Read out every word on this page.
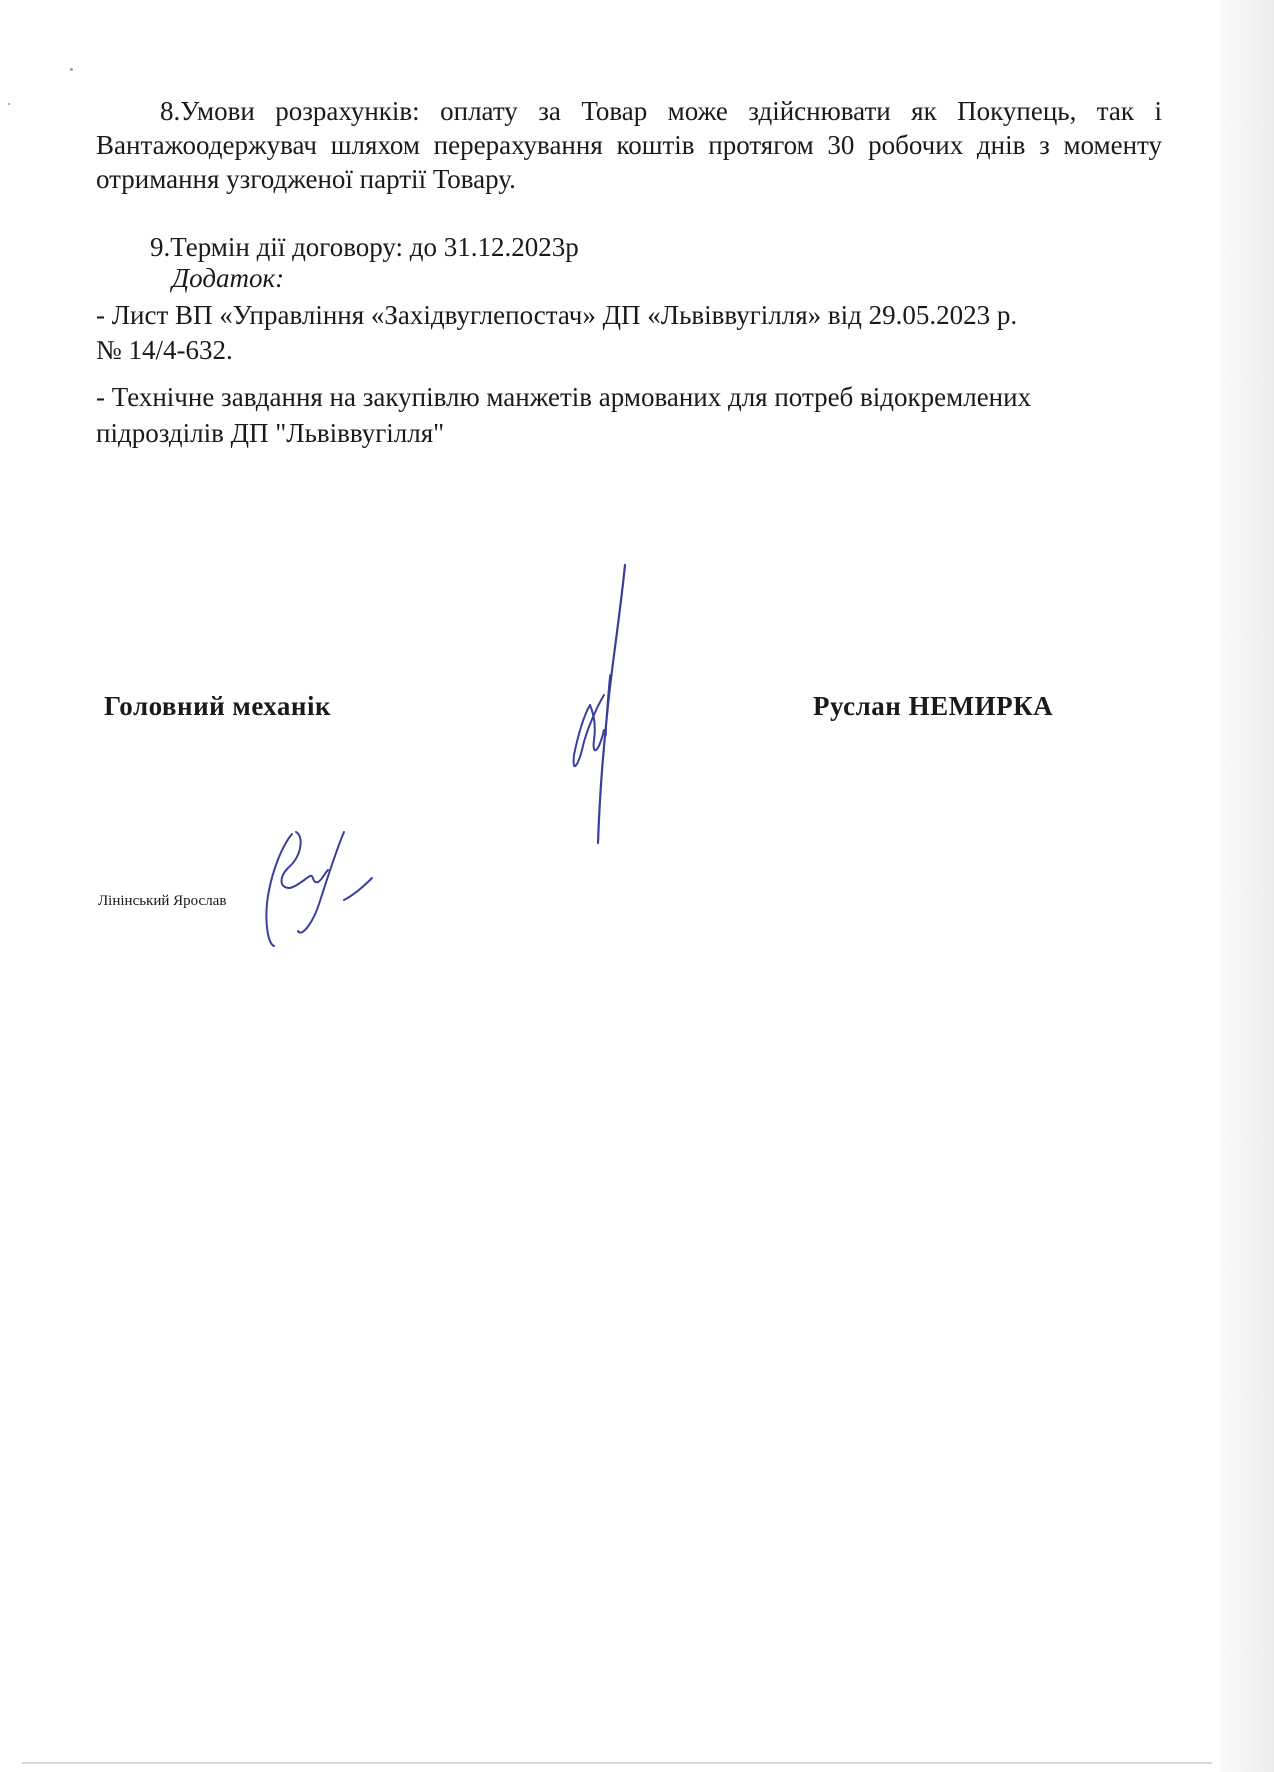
8.Умови розрахунків: оплату за Товар може здійснювати як Покупець, так і Вантажоодержувач шляхом перерахування коштів протягом 30 робочих днів з моменту отримання узгодженої партії Товару.

9.Термін дії договору: до 31.12.2023р
Додаток:
- Лист ВП «Управління «Західвуглепостач» ДП «Львіввугілля» від 29.05.2023 р.
№ 14/4-632.
- Технічне завдання на закупівлю манжетів армованих для потреб відокремлених
підрозділів ДП "Львіввугілля"
Головний механік	Руслан НЕМИРКА
Лінінський Ярослав
